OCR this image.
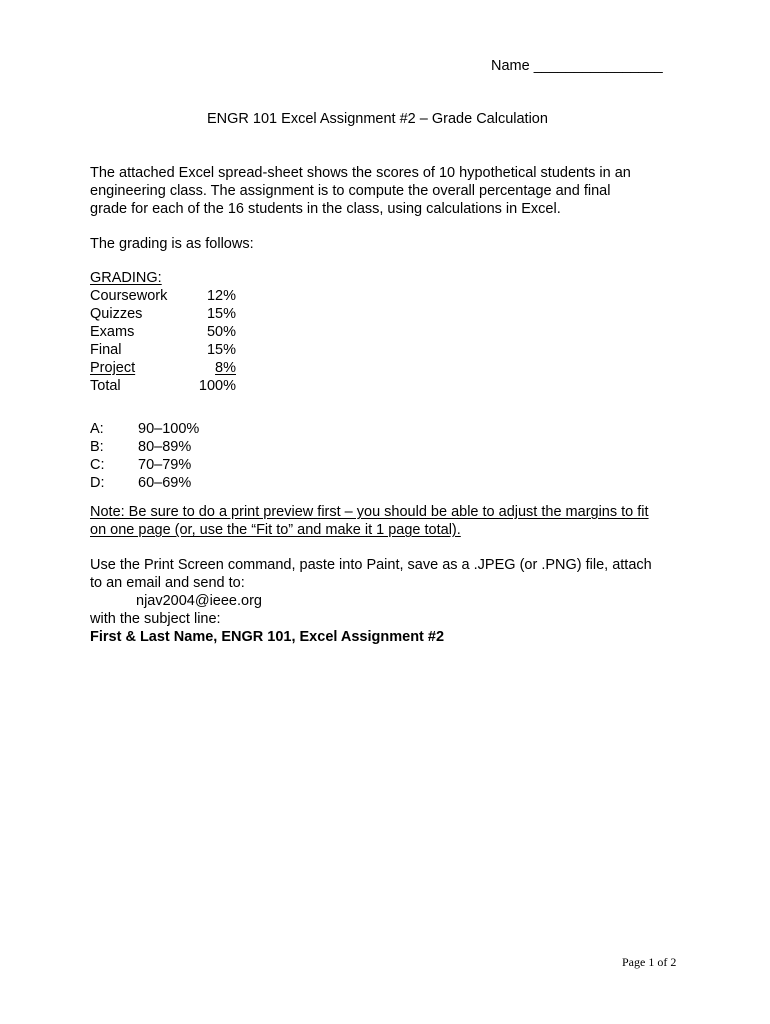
Name ________________
ENGR 101 Excel Assignment #2 – Grade Calculation
The attached Excel spread-sheet shows the scores of 10 hypothetical students in an
engineering class. The assignment is to compute the overall percentage and final
grade for each of the 16 students in the class, using calculations in Excel.
The grading is as follows:
GRADING:
Coursework	12%
Quizzes	15%
Exams	50%
Final	15%
Project	8%
Total	100%
A:	90–100%
B:	80–89%
C:	70–79%
D:	60–69%
Note: Be sure to do a print preview first – you should be able to adjust the margins to fit
on one page (or, use the “Fit to” and make it 1 page total).
Use the Print Screen command, paste into Paint, save as a .JPEG (or .PNG) file, attach
to an email and send to:
njav2004@ieee.org
with the subject line:
First & Last Name, ENGR 101, Excel Assignment #2
Page 1 of 2
